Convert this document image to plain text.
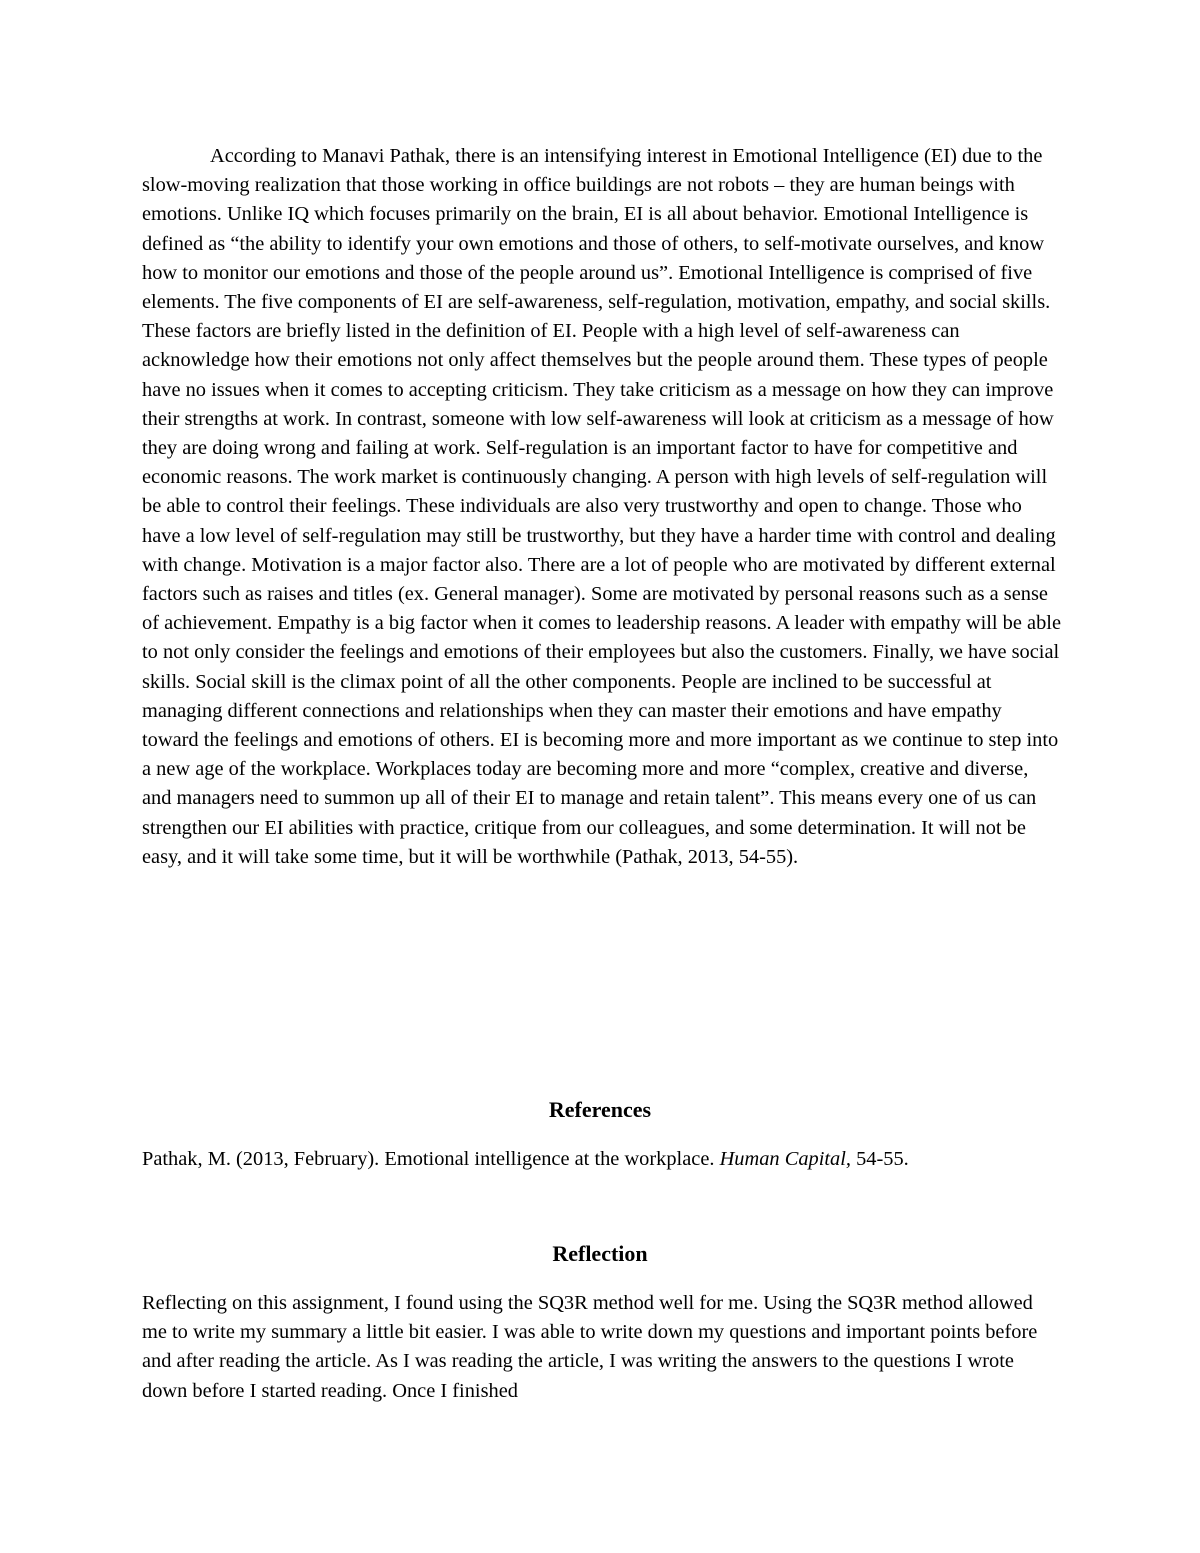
According to Manavi Pathak, there is an intensifying interest in Emotional Intelligence (EI) due to the slow-moving realization that those working in office buildings are not robots – they are human beings with emotions. Unlike IQ which focuses primarily on the brain, EI is all about behavior. Emotional Intelligence is defined as “the ability to identify your own emotions and those of others, to self-motivate ourselves, and know how to monitor our emotions and those of the people around us”. Emotional Intelligence is comprised of five elements. The five components of EI are self-awareness, self-regulation, motivation, empathy, and social skills. These factors are briefly listed in the definition of EI. People with a high level of self-awareness can acknowledge how their emotions not only affect themselves but the people around them. These types of people have no issues when it comes to accepting criticism. They take criticism as a message on how they can improve their strengths at work. In contrast, someone with low self-awareness will look at criticism as a message of how they are doing wrong and failing at work. Self-regulation is an important factor to have for competitive and economic reasons. The work market is continuously changing. A person with high levels of self-regulation will be able to control their feelings. These individuals are also very trustworthy and open to change. Those who have a low level of self-regulation may still be trustworthy, but they have a harder time with control and dealing with change. Motivation is a major factor also. There are a lot of people who are motivated by different external factors such as raises and titles (ex. General manager). Some are motivated by personal reasons such as a sense of achievement. Empathy is a big factor when it comes to leadership reasons. A leader with empathy will be able to not only consider the feelings and emotions of their employees but also the customers. Finally, we have social skills. Social skill is the climax point of all the other components. People are inclined to be successful at managing different connections and relationships when they can master their emotions and have empathy toward the feelings and emotions of others. EI is becoming more and more important as we continue to step into a new age of the workplace. Workplaces today are becoming more and more “complex, creative and diverse, and managers need to summon up all of their EI to manage and retain talent”. This means every one of us can strengthen our EI abilities with practice, critique from our colleagues, and some determination. It will not be easy, and it will take some time, but it will be worthwhile (Pathak, 2013, 54-55).

References

Pathak, M. (2013, February). Emotional intelligence at the workplace. Human Capital, 54-55.

Reflection

Reflecting on this assignment, I found using the SQ3R method well for me. Using the SQ3R method allowed me to write my summary a little bit easier. I was able to write down my questions and important points before and after reading the article. As I was reading the article, I was writing the answers to the questions I wrote down before I started reading. Once I finished
